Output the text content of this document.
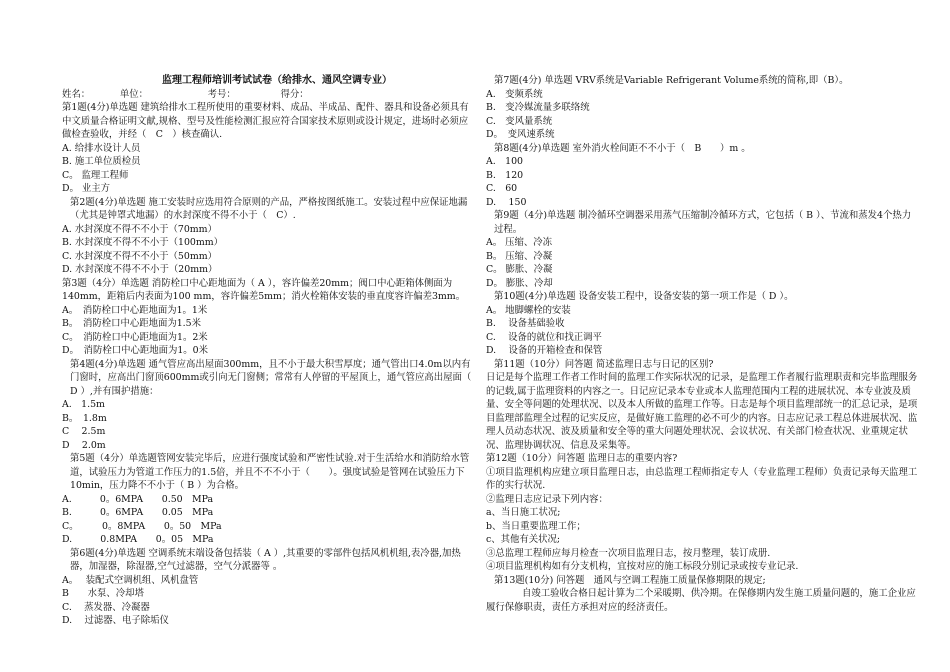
监理工程师培训考试试卷（给排水、通风空调专业）
姓名：          单位：                    考号：               得分：
第1题(4分)单选题 建筑给排水工程所使用的重要材料、成品、半成品、配件、器具和设备必须具有中文质量合格证明文献,规格、型号及性能检测汇报应符合国家技术原则或设计规定，进场时必须应做检查验收，并经（　C　）核查确认.
A. 给排水设计人员
B. 施工单位质检员
C。 监理工程师
D。 业主方
第2题(4分)单选题 施工安装时应选用符合原则的产品，严格按图纸施工。安装过程中应保证地漏（尤其是钟罩式地漏）的水封深度不得不小于（　C）.
A. 水封深度不得不不小于（70mm）
B. 水封深度不得不不小于（100mm）
C. 水封深度不得不不小于（50mm）
D. 水封深度不得不不小于（20mm）
第3题（4分）单选题 消防栓口中心距地面为（ A ），容许偏差20mm；阀口中心距箱体侧面为140mm，距箱后内表面为100 mm，容许偏差5mm；消火栓箱体安装的垂直度容许偏差3mm。
A。　消防栓口中心距地面为1。1米
B。　消防栓口中心距地面为1.5米
C。　消防栓口中心距地面为1。2米
D。　消防栓口中心距地面为1。0米
第4题(4分)单选题 通气管应高出屋面300mm，且不小于最大积雪厚度；通气管出口4.0m以内有门窗时，应高出门窗顶600mm或引向无门窗侧；常常有人停留的平屋顶上，通气管应高出屋面（ D ）,并有围护措施：
A.　1.5m
B。　1.8m
C　 2.5m
D　 2.0m
第5题（4分）单选题管网安装完毕后，应进行强度试验和严密性试验.对于生活给水和消防给水管道，试验压力为管道工作压力的1.5倍，并且不不不小于（　　）。强度试验是管网在试验压力下10min，压力降不不小于（ B ）为合格。
A.　　　0。6MPA　　0.50　MPa
B.　　　0。6MPA　　0.05　MPa
C。　　　0。8MPA　　0。50　MPa
D.　　　0.8MPA　　0。05　MPa
第6题(4分)单选题 空调系统末端设备包括装（ A ）,其重要的零部件包括风机机组,表冷器,加热器，加湿器，除湿器,空气过滤器，空气分派器等 。
A。　 装配式空调机组、风机盘管
B　　水泵、冷却塔
C.　 蒸发器、冷凝器
D.　 过滤器、电子除垢仪
第7题(4分) 单选题 VRV系统是Variable Refrigerant Volume系统的简称,即（B）。
A.　变频系统
B.　变冷媒流量多联络统
C.　变风量系统
D。　变风速系统
第8题(4分)单选题 室外消火栓间距不不小于（　B　　）m 。
A.　100
B.　120
C.　60
D.　 150
第9题（4分)单选题 制冷循环空调器采用蒸气压缩制冷循环方式，它包括（ B ）、节流和蒸发4个热力过程。
A。 压缩、冷冻
B。 压缩、冷凝
C。 膨胀、冷凝
D。 膨胀、冷却
第10题(4分)单选题 设备安装工程中，设备安装的第一项工作是（ D ）。
A。 地脚螺栓的安装
B.　 设备基础验收
C.　 设备的就位和找正调平
D.　 设备的开箱检查和保管
第11题（10分）问答题 简述监理日志与日记的区别?
日记是每个监理工作者工作时间的监理工作实际状况的记录，是监理工作者履行监理职责和完毕监理服务的记载,属于监理资料的内容之一。日记应记录本专业或本人监理范围内工程的进展状况、本专业波及质量、安全等问题的处理状况、以及本人所做的监理工作等。日志是每个项目监理部统一的汇总记录，是项目监理部监理全过程的记实反应，是做好施工监理的必不可少的内容。日志应记录工程总体进展状况、监理人员动态状况、波及质量和安全等的重大问题处理状况、会议状况、有关部门检查状况、业重规定状况、监理协调状况、信息及采集等。
第12题（10分）问答题 监理日志的重要内容?
①项目监理机构应建立项目监理日志，由总监理工程师指定专人（专业监理工程师）负责记录每天监理工作的实行状况.
②监理日志应记录下列内容：
a、当日施工状况;
b、当日重要监理工作；
c、其他有关状况;
③总监理工程师应每月检查一次项目监理日志，按月整理，装订成册.
④项目监理机构如有分支机构，宜按对应的施工标段分别记录或按专业记录.
第13题(10分) 问答题　通风与空调工程施工质量保修期限的规定;
自竣工验收合格日起计算为二个采暖期、供冷期。在保修期内发生施工质量问题的，施工企业应履行保修职责，责任方承担对应的经济责任。
